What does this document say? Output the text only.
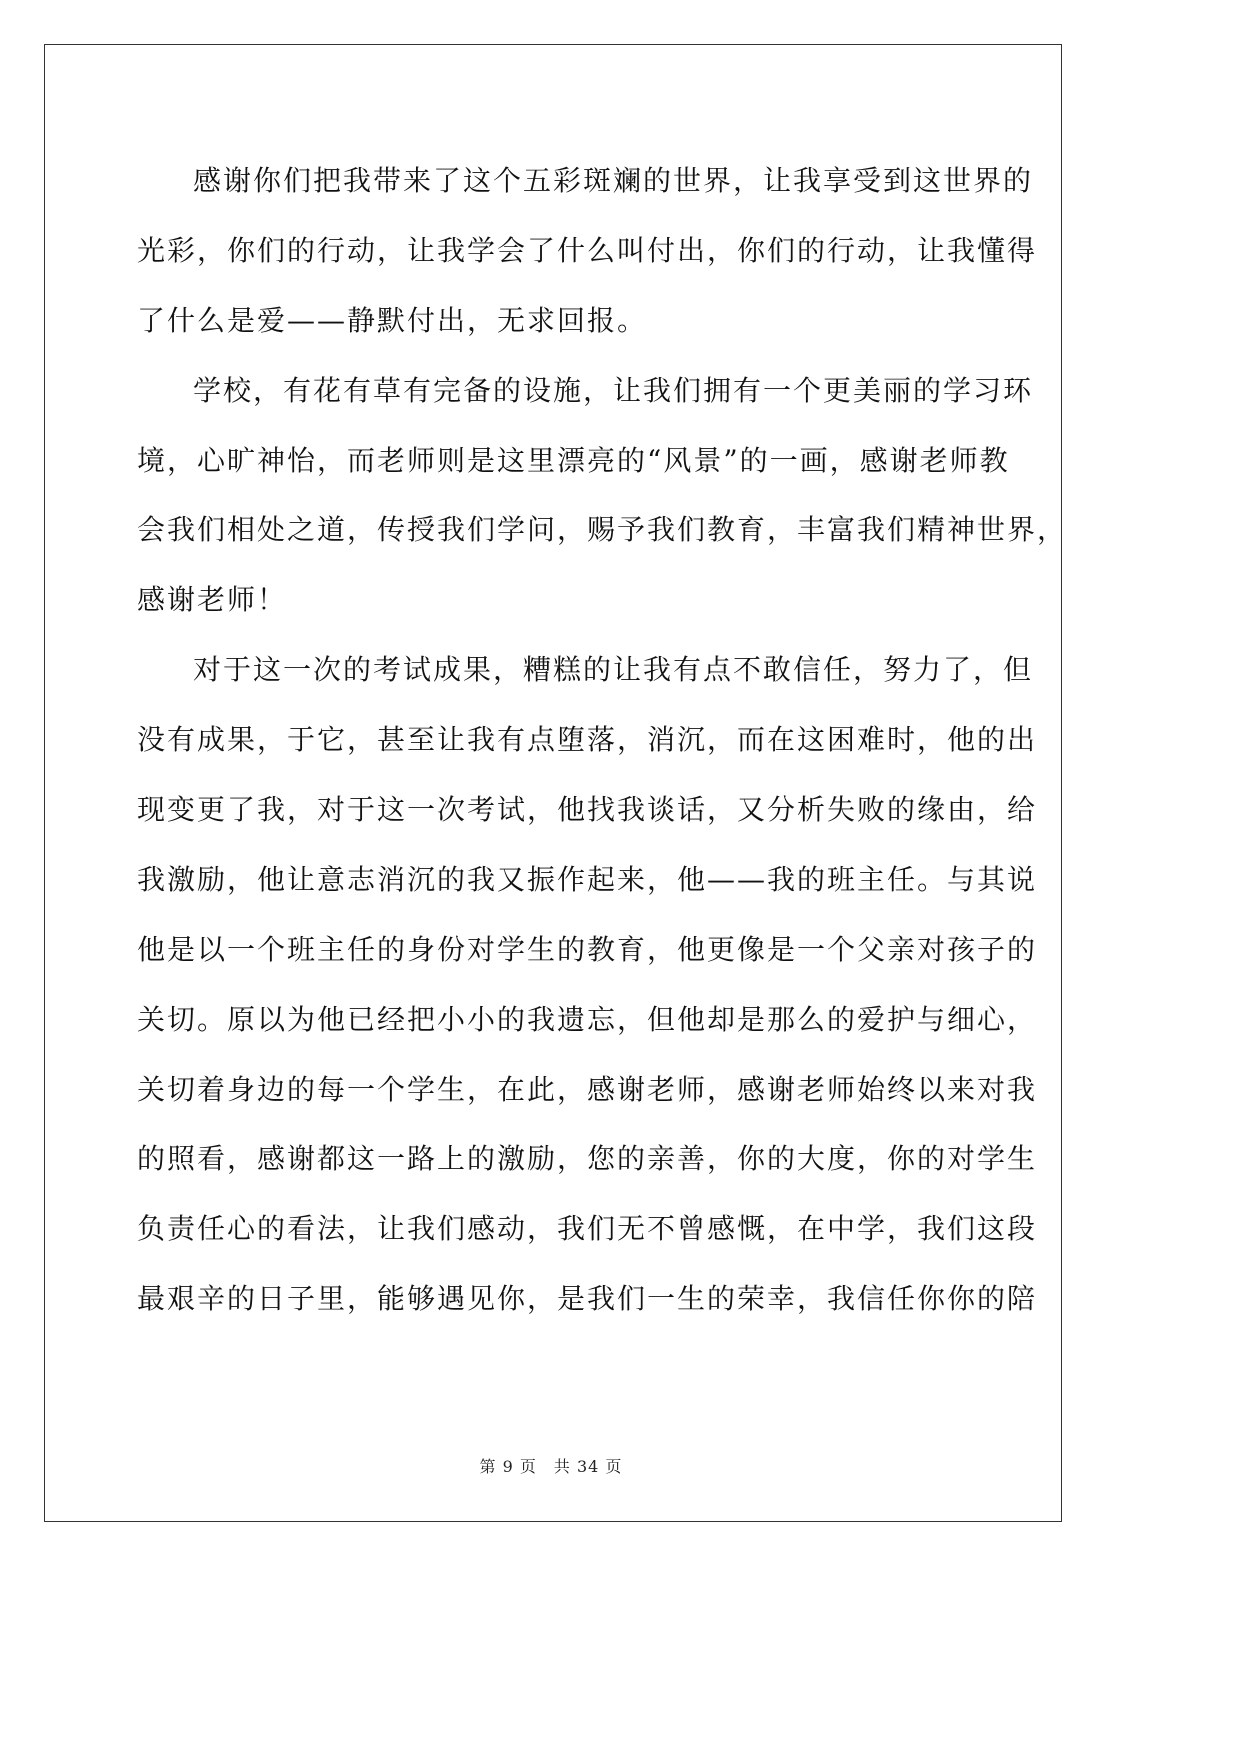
感谢你们把我带来了这个五彩斑斓的世界，让我享受到这世界的
光彩，你们的行动，让我学会了什么叫付出，你们的行动，让我懂得
了什么是爱——静默付出，无求回报。
学校，有花有草有完备的设施，让我们拥有一个更美丽的学习环
境，心旷神怡，而老师则是这里漂亮的“风景”的一画，感谢老师教
会我们相处之道，传授我们学问，赐予我们教育，丰富我们精神世界，
感谢老师！
对于这一次的考试成果，糟糕的让我有点不敢信任，努力了，但
没有成果，于它，甚至让我有点堕落，消沉，而在这困难时，他的出
现变更了我，对于这一次考试，他找我谈话，又分析失败的缘由，给
我激励，他让意志消沉的我又振作起来，他——我的班主任。与其说
他是以一个班主任的身份对学生的教育，他更像是一个父亲对孩子的
关切。原以为他已经把小小的我遗忘，但他却是那么的爱护与细心，
关切着身边的每一个学生，在此，感谢老师，感谢老师始终以来对我
的照看，感谢都这一路上的激励，您的亲善，你的大度，你的对学生
负责任心的看法，让我们感动，我们无不曾感慨，在中学，我们这段
最艰辛的日子里，能够遇见你，是我们一生的荣幸，我信任你你的陪
第 9 页　共 34 页
